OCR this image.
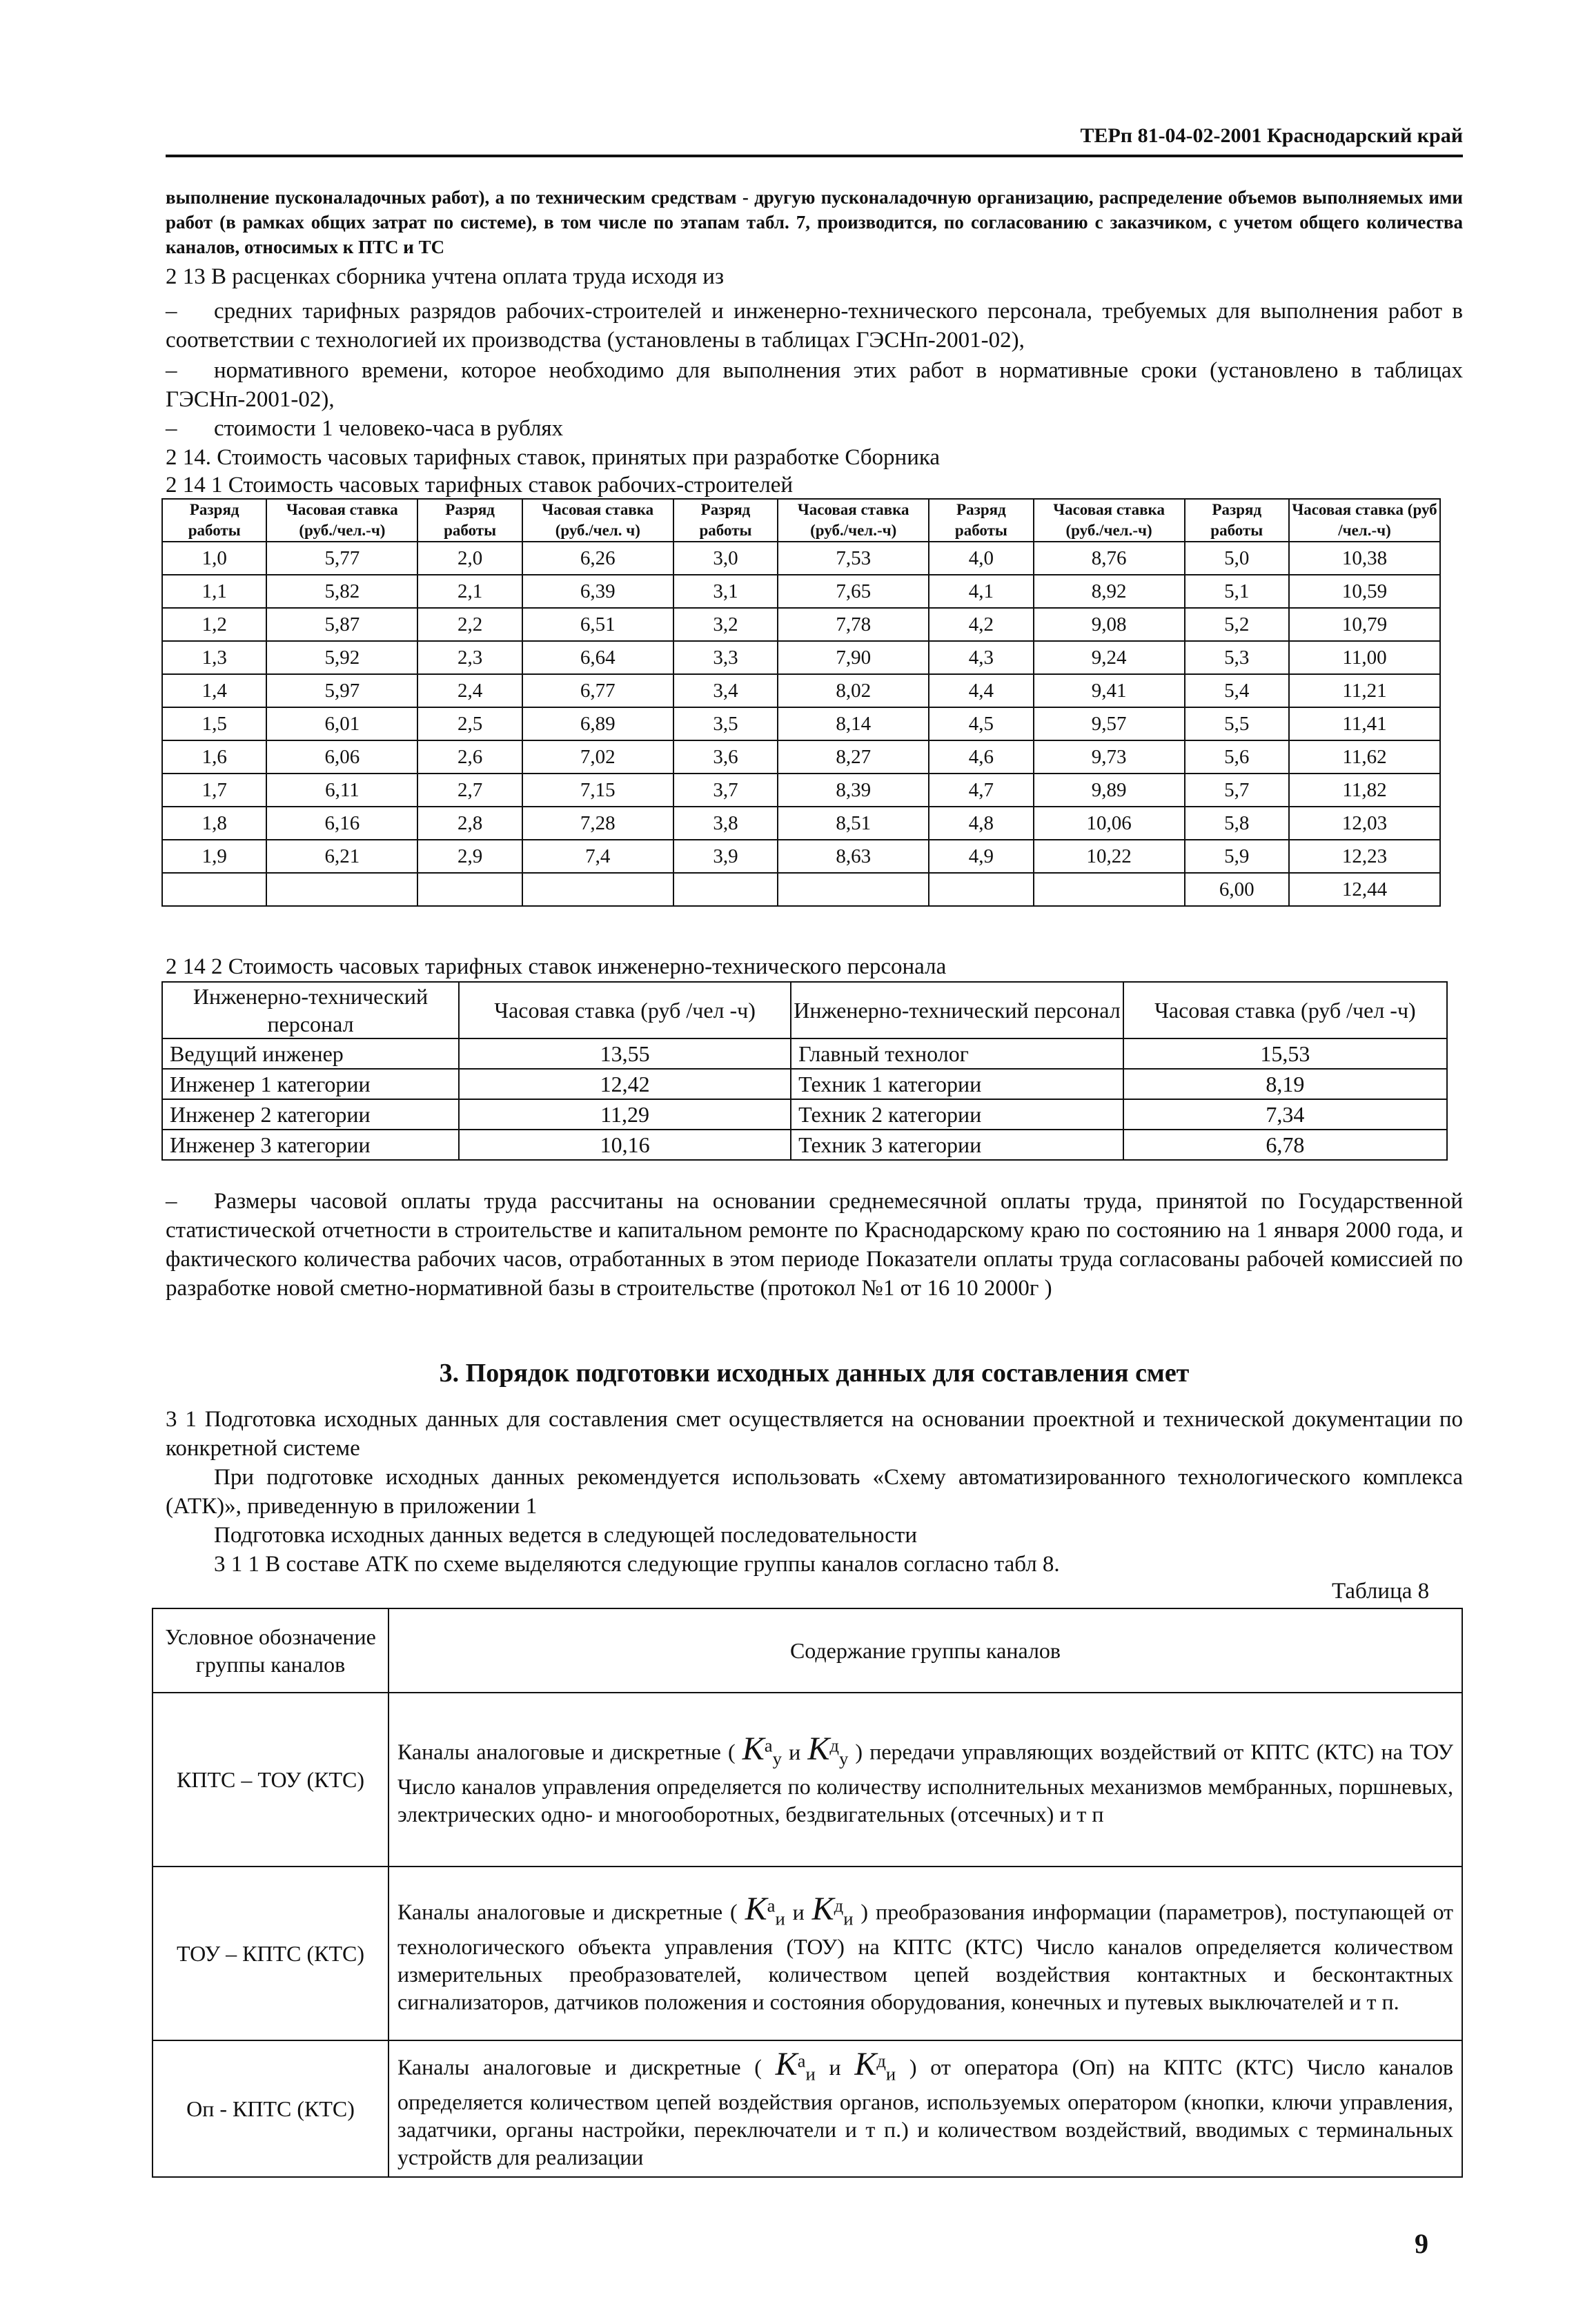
ТЕРп 81-04-02-2001 Краснодарский край
выполнение пусконаладочных работ), а по техническим средствам - другую пусконаладочную организацию, распределение объемов выполняемых ими работ (в рамках общих затрат по системе), в том числе по этапам табл. 7, производится, по согласованию с заказчиком, с учетом общего количества каналов, относимых к ПТС и ТС
2 13 В расценках сборника учтена оплата труда исходя из
– средних тарифных разрядов рабочих-строителей и инженерно-технического персонала, требуемых для выполнения работ в соответствии с технологией их производства (установлены в таблицах ГЭСНп-2001-02),
– нормативного времени, которое необходимо для выполнения этих работ в нормативные сроки (установлено в таблицах ГЭСНп-2001-02),
– стоимости 1 человеко-часа в рублях
2 14. Стоимость часовых тарифных ставок, принятых при разработке Сборника
2 14 1 Стоимость часовых тарифных ставок рабочих-строителей
Разряд работы	Часовая ставка (руб./чел.-ч)	Разряд работы	Часовая ставка (руб./чел. ч)	Разряд работы	Часовая ставка (руб./чел.-ч)	Разряд работы	Часовая ставка (руб./чел.-ч)	Разряд работы	Часовая ставка (руб /чел.-ч)
1,0	5,77	2,0	6,26	3,0	7,53	4,0	8,76	5,0	10,38
1,1	5,82	2,1	6,39	3,1	7,65	4,1	8,92	5,1	10,59
1,2	5,87	2,2	6,51	3,2	7,78	4,2	9,08	5,2	10,79
1,3	5,92	2,3	6,64	3,3	7,90	4,3	9,24	5,3	11,00
1,4	5,97	2,4	6,77	3,4	8,02	4,4	9,41	5,4	11,21
1,5	6,01	2,5	6,89	3,5	8,14	4,5	9,57	5,5	11,41
1,6	6,06	2,6	7,02	3,6	8,27	4,6	9,73	5,6	11,62
1,7	6,11	2,7	7,15	3,7	8,39	4,7	9,89	5,7	11,82
1,8	6,16	2,8	7,28	3,8	8,51	4,8	10,06	5,8	12,03
1,9	6,21	2,9	7,4	3,9	8,63	4,9	10,22	5,9	12,23
								6,00	12,44
2 14 2 Стоимость часовых тарифных ставок инженерно-технического персонала
Инженерно-технический персонал	Часовая ставка (руб /чел -ч)	Инженерно-технический персонал	Часовая ставка (руб /чел -ч)
Ведущий инженер	13,55	Главный технолог	15,53
Инженер 1 категории	12,42	Техник 1 категории	8,19
Инженер 2 категории	11,29	Техник 2 категории	7,34
Инженер 3 категории	10,16	Техник 3 категории	6,78
– Размеры часовой оплаты труда рассчитаны на основании среднемесячной оплаты труда, принятой по Государственной статистической отчетности в строительстве и капитальном ремонте по Краснодарскому краю по состоянию на 1 января 2000 года, и фактического количества рабочих часов, отработанных в этом периоде Показатели оплаты труда согласованы рабочей комиссией по разработке новой сметно-нормативной базы в строительстве (протокол №1 от 16 10 2000г )
3. Порядок подготовки исходных данных для составления смет
3 1 Подготовка исходных данных для составления смет осуществляется на основании проектной и технической документации по конкретной системе
При подготовке исходных данных рекомендуется использовать «Схему автоматизированного технологического комплекса (АТК)», приведенную в приложении 1
Подготовка исходных данных ведется в следующей последовательности
3 1 1 В составе АТК по схеме выделяются следующие группы каналов согласно табл 8.
Таблица 8
Условное обозначение группы каналов	Содержание группы каналов
КПТС – ТОУ (КТС)	Каналы аналоговые и дискретные ( $K^a_у$ и $K^д_у$ ) передачи управляющих воздействий от КПТС (КТС) на ТОУ Число каналов управления определяется по количеству исполнительных механизмов мембранных, поршневых, электрических одно- и многооборотных, бездвигательных (отсечных) и т п
ТОУ – КПТС (КТС)	Каналы аналоговые и дискретные ( $K^a_и$ и $K^д_и$ ) преобразования информации (параметров), поступающей от технологического объекта управления (ТОУ) на КПТС (КТС) Число каналов определяется количеством измерительных преобразователей, количеством цепей воздействия контактных и бесконтактных сигнализаторов, датчиков положения и состояния оборудования, конечных и путевых выключателей и т п.
Оп - КПТС (КТС)	Каналы аналоговые и дискретные ( $K^a_и$ и $K^д_и$ ) от оператора (Оп) на КПТС (КТС) Число каналов определяется количеством цепей воздействия органов, используемых оператором (кнопки, ключи управления, задатчики, органы настройки, переключатели и т п.) и количеством воздействий, вводимых с терминальных устройств для реализации
9
